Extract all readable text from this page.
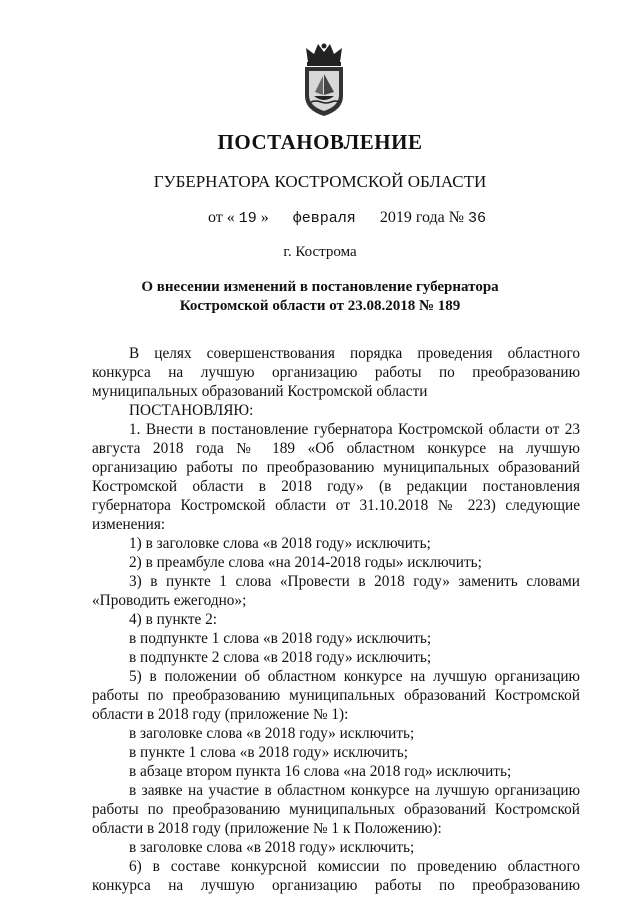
ПОСТАНОВЛЕНИЕ
ГУБЕРНАТОРА КОСТРОМСКОЙ ОБЛАСТИ
от « 19 » февраля 2019 года № 36
г. Кострома
О внесении изменений в постановление губернатора
Костромской области от 23.08.2018 № 189

В целях совершенствования порядка проведения областного конкурса на лучшую организацию работы по преобразованию муниципальных образований Костромской области

ПОСТАНОВЛЯЮ:

1. Внести в постановление губернатора Костромской области от 23 августа 2018 года № 189 «Об областном конкурсе на лучшую организацию работы по преобразованию муниципальных образований Костромской области в 2018 году» (в редакции постановления губернатора Костромской области от 31.10.2018 № 223) следующие изменения:

1) в заголовке слова «в 2018 году» исключить;

2) в преамбуле слова «на 2014-2018 годы» исключить;

3) в пункте 1 слова «Провести в 2018 году» заменить словами «Проводить ежегодно»;

4) в пункте 2:

в подпункте 1 слова «в 2018 году» исключить;

в подпункте 2 слова «в 2018 году» исключить;

5) в положении об областном конкурсе на лучшую организацию работы по преобразованию муниципальных образований Костромской области в 2018 году (приложение № 1):

в заголовке слова «в 2018 году» исключить;

в пункте 1 слова «в 2018 году» исключить;

в абзаце втором пункта 16 слова «на 2018 год» исключить;

в заявке на участие в областном конкурсе на лучшую организацию работы по преобразованию муниципальных образований Костромской области в 2018 году (приложение № 1 к Положению):

в заголовке слова «в 2018 году» исключить;

6) в составе конкурсной комиссии по проведению областного конкурса на лучшую организацию работы по преобразованию
